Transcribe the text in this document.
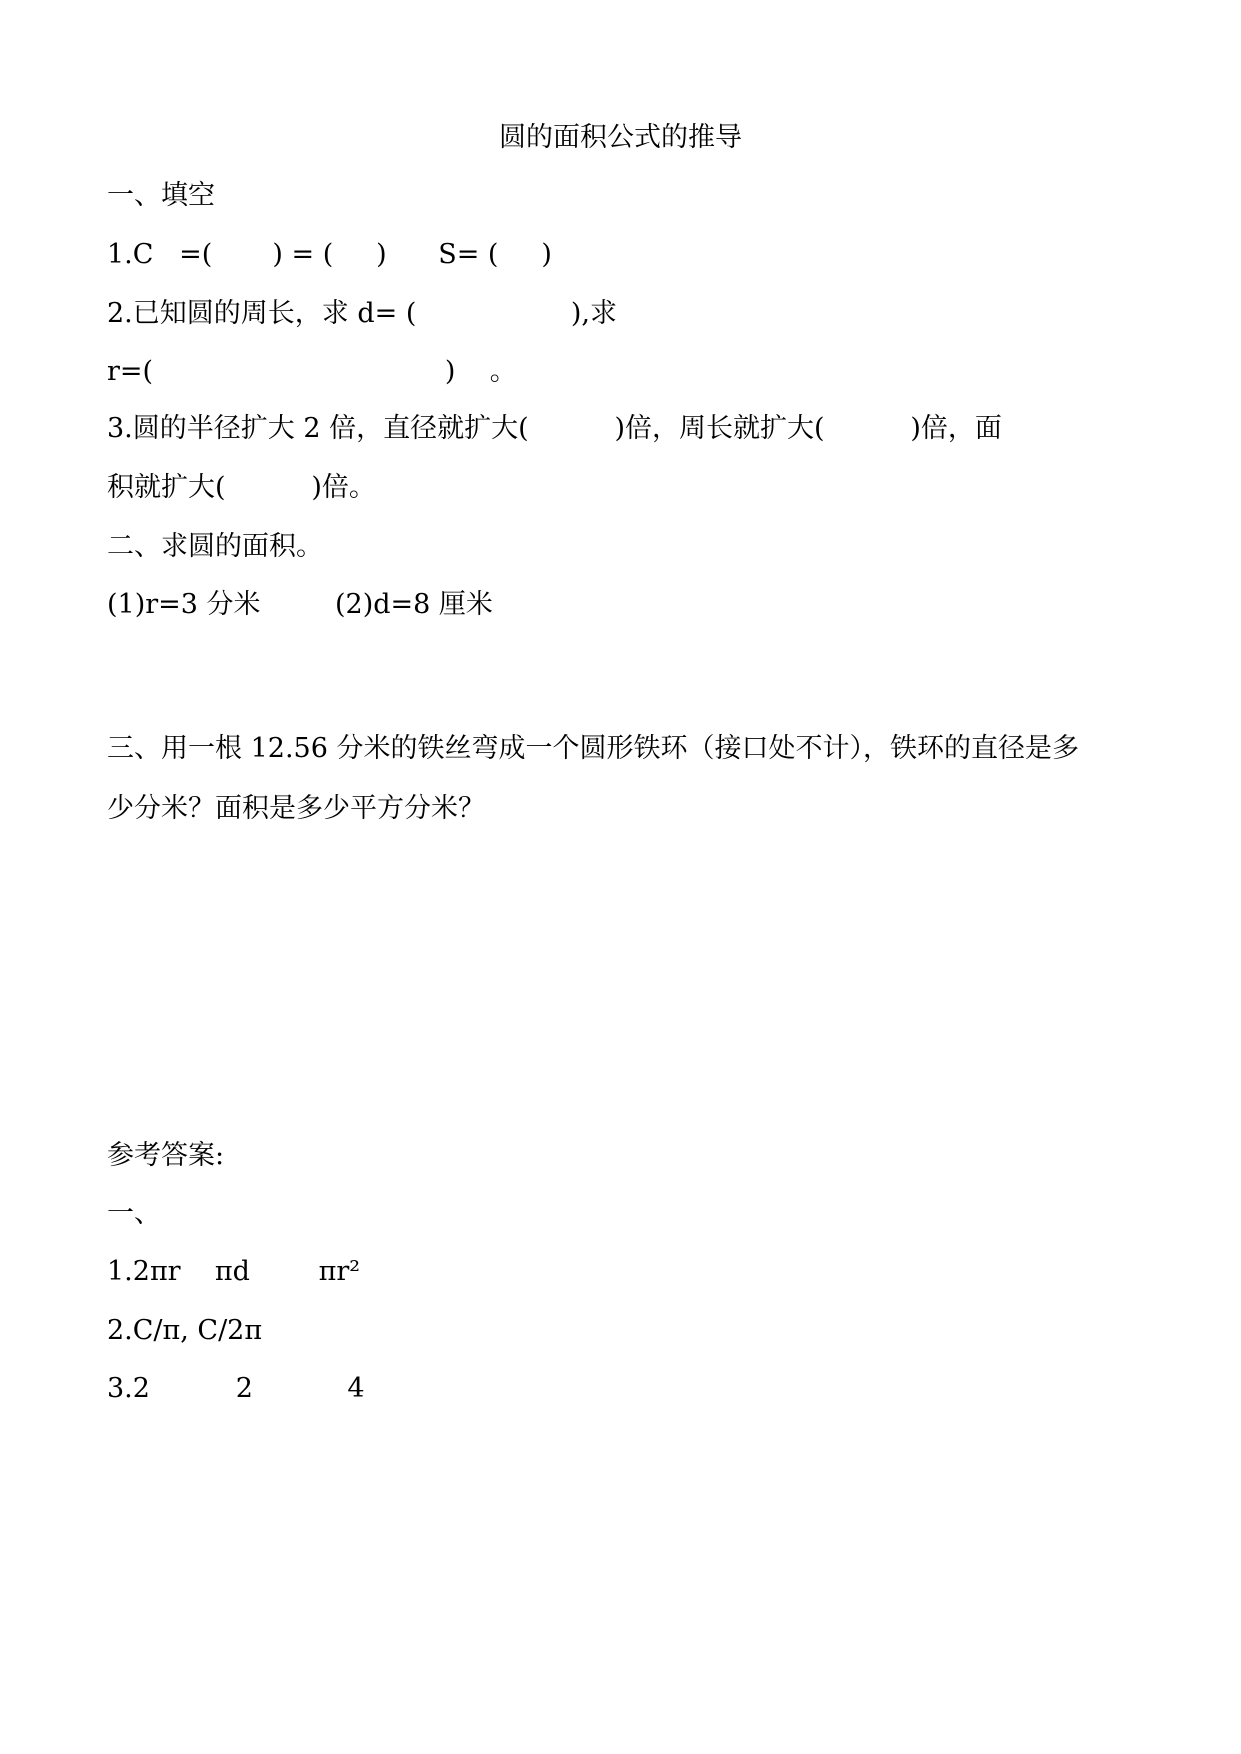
圆的面积公式的推导
一、填空
1.C   =(       ) = (     )      S= (     )
2.已知圆的周长，求 d= (                  ),求
r=(                                  )    。
3.圆的半径扩大 2 倍，直径就扩大(          )倍，周长就扩大(          )倍，面
积就扩大(          )倍。
二、求圆的面积。
(1)r=3 分米	(2)d=8 厘米
三、用一根 12.56 分米的铁丝弯成一个圆形铁环（接口处不计），铁环的直径是多
少分米？面积是多少平方分米？
参考答案:
一、
1.2πr    πd        πr²
2.C/π, C/2π
3.2          2           4
